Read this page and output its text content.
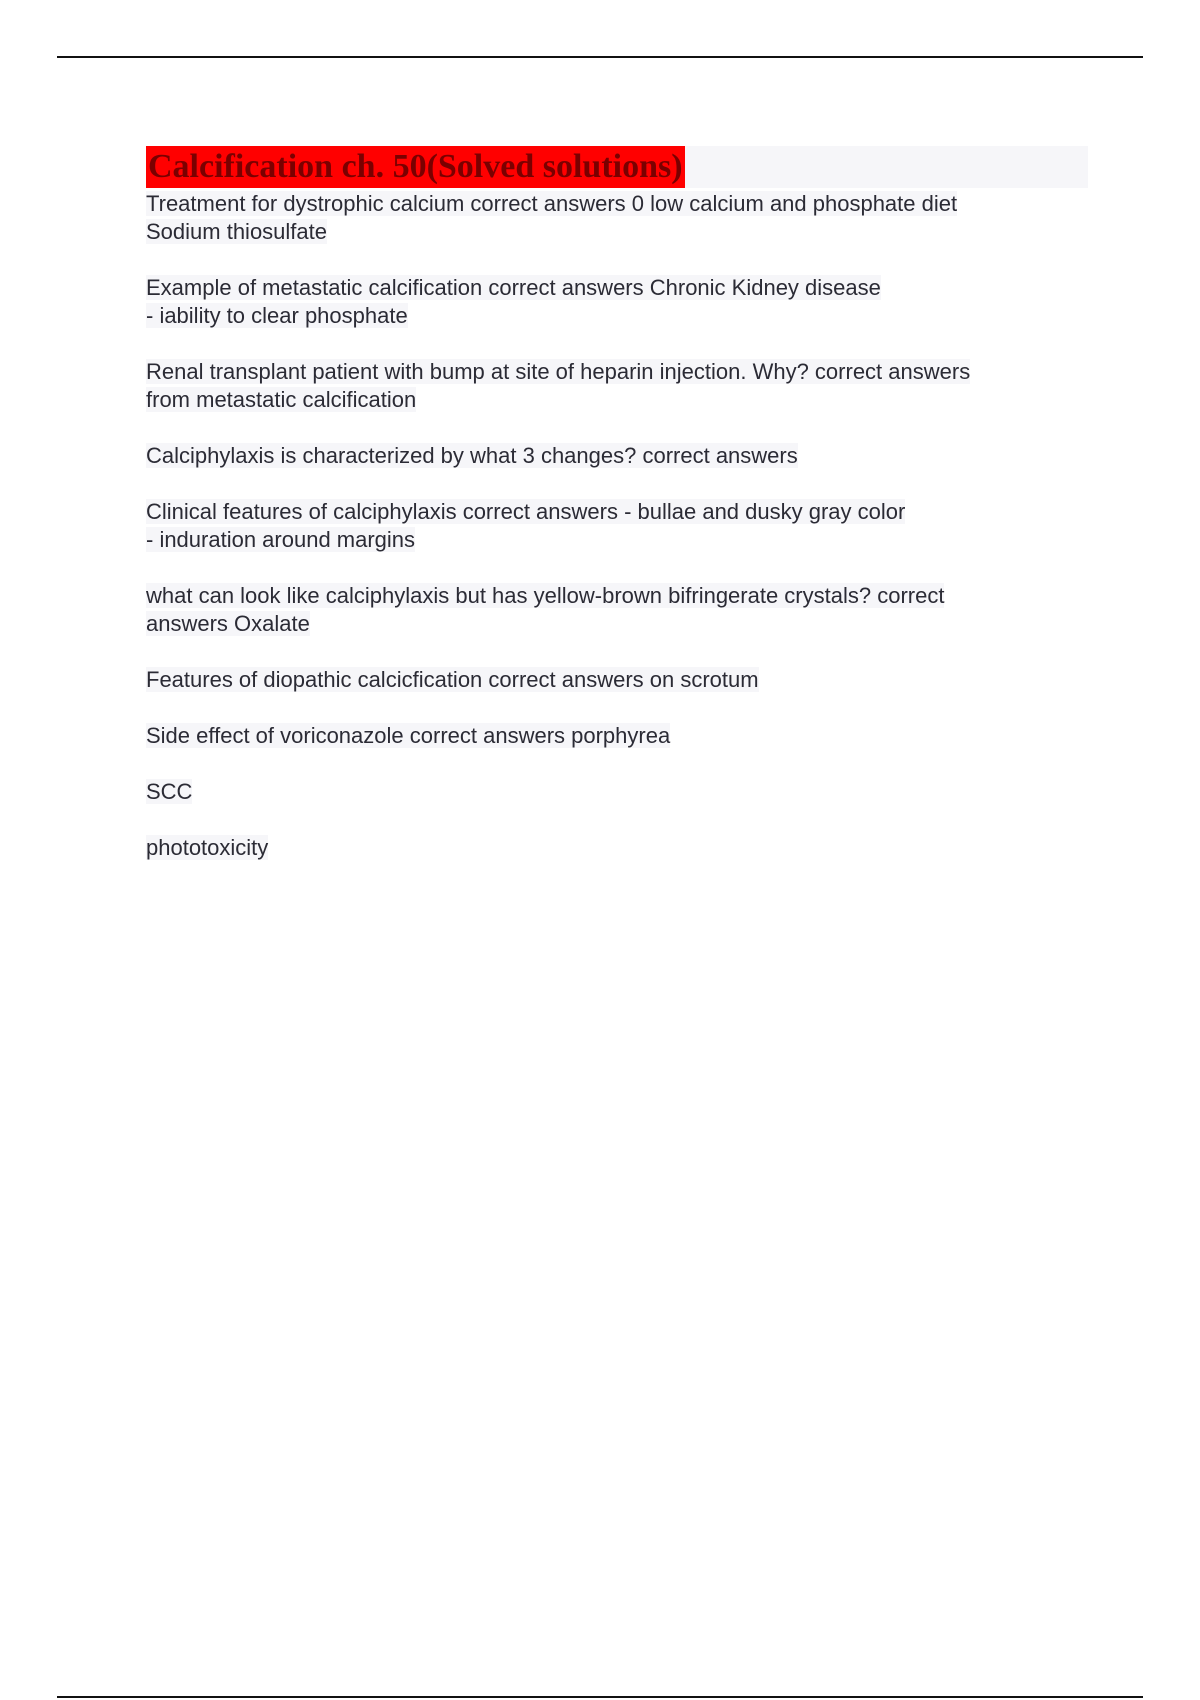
Calcification ch. 50(Solved solutions)
Treatment for dystrophic calcium correct answers 0 low calcium and phosphate diet
Sodium thiosulfate
Example of metastatic calcification correct answers Chronic Kidney disease
- iability to clear phosphate
Renal transplant patient with bump at site of heparin injection. Why? correct answers
from metastatic calcification
Calciphylaxis is characterized by what 3 changes? correct answers
Clinical features of calciphylaxis correct answers - bullae and dusky gray color
- induration around margins
what can look like calciphylaxis but has yellow-brown bifringerate crystals? correct
answers Oxalate
Features of diopathic calcicfication correct answers on scrotum
Side effect of voriconazole correct answers porphyrea
SCC
phototoxicity
